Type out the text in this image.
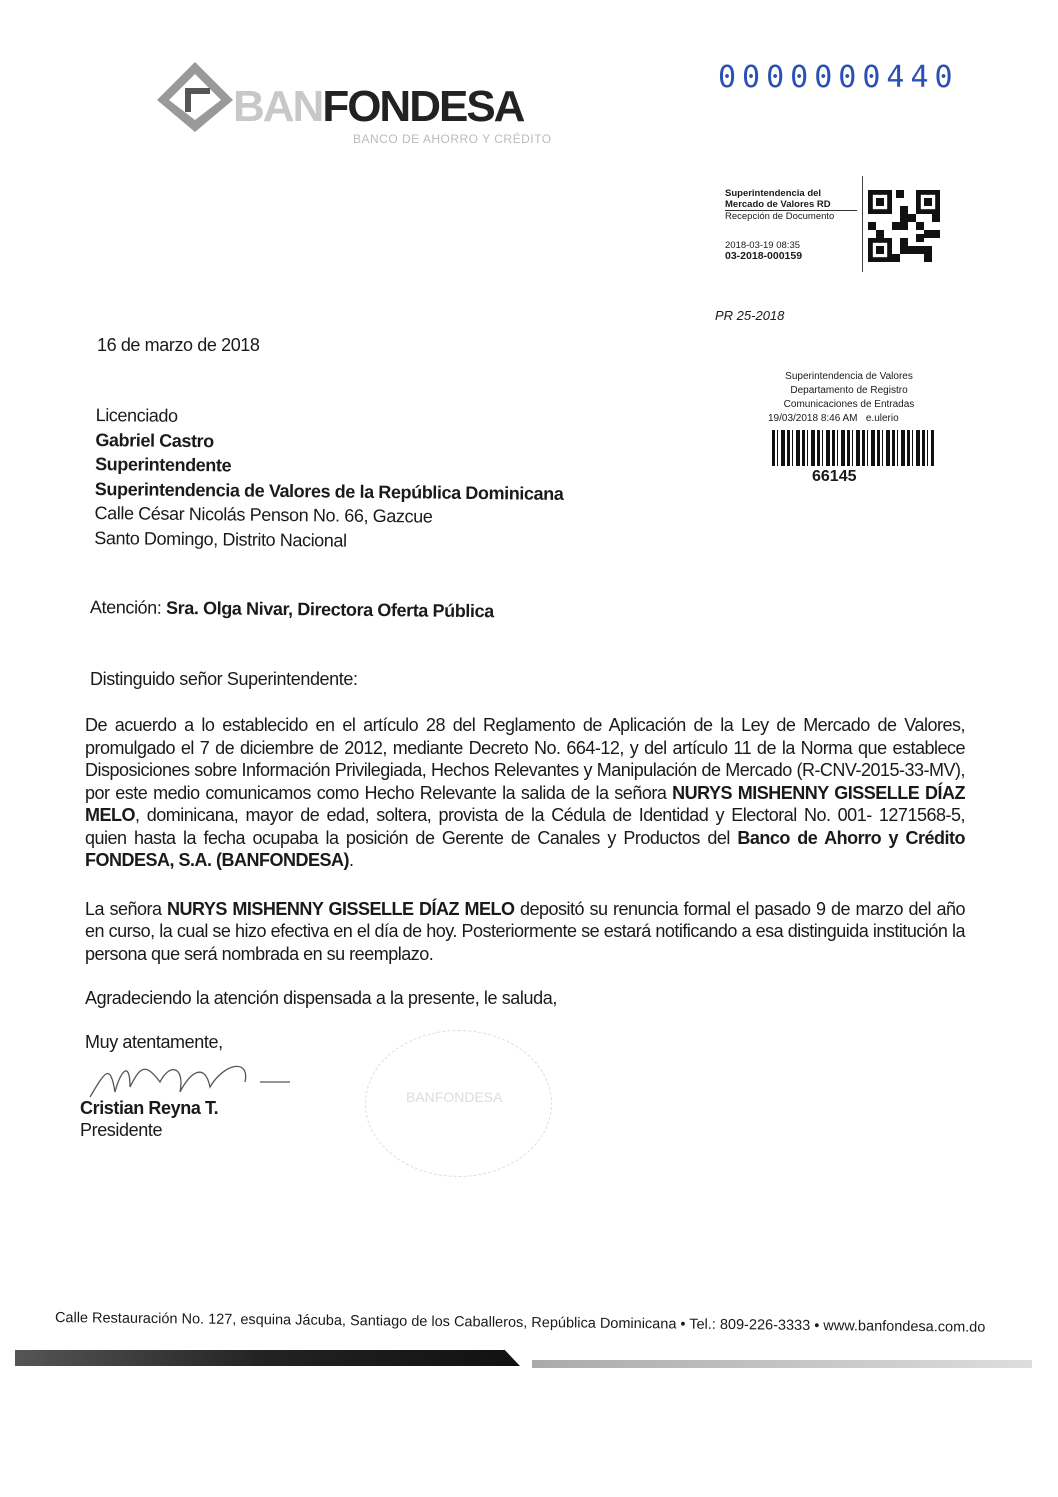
BANFONDESA
BANCO DE AHORRO Y CRÉDITO
0000000440
Superintendencia del
Mercado de Valores RD
Recepción de Documento
2018-03-19 08:35
03-2018-000159
PR 25-2018
Superintendencia de Valores
Departamento de Registro
Comunicaciones de Entradas
19/03/2018 8:46 AM e.ulerio
66145
16 de marzo de 2018
Licenciado
Gabriel Castro
Superintendente
Superintendencia de Valores de la República Dominicana
Calle César Nicolás Penson No. 66, Gazcue
Santo Domingo, Distrito Nacional
Atención: Sra. Olga Nivar, Directora Oferta Pública
Distinguido señor Superintendente:
BANFONDESA
De acuerdo a lo establecido en el artículo 28 del Reglamento de Aplicación de la Ley de Mercado de Valores, promulgado el 7 de diciembre de 2012, mediante Decreto No. 664-12, y del artículo 11 de la Norma que establece Disposiciones sobre Información Privilegiada, Hechos Relevantes y Manipulación de Mercado (R-CNV-2015-33-MV), por este medio comunicamos como Hecho Relevante la salida de la señora NURYS MISHENNY GISSELLE DÍAZ MELO, dominicana, mayor de edad, soltera, provista de la Cédula de Identidad y Electoral No. 001- 1271568-5, quien hasta la fecha ocupaba la posición de Gerente de Canales y Productos del Banco de Ahorro y Crédito FONDESA, S.A. (BANFONDESA).
La señora NURYS MISHENNY GISSELLE DÍAZ MELO depositó su renuncia formal el pasado 9 de marzo del año en curso, la cual se hizo efectiva en el día de hoy. Posteriormente se estará notificando a esa distinguida institución la persona que será nombrada en su reemplazo.
Agradeciendo la atención dispensada a la presente, le saluda,
Muy atentamente,
Cristian Reyna T.
Presidente
Calle Restauración No. 127, esquina Jácuba, Santiago de los Caballeros, República Dominicana • Tel.: 809-226-3333 • www.banfondesa.com.do
